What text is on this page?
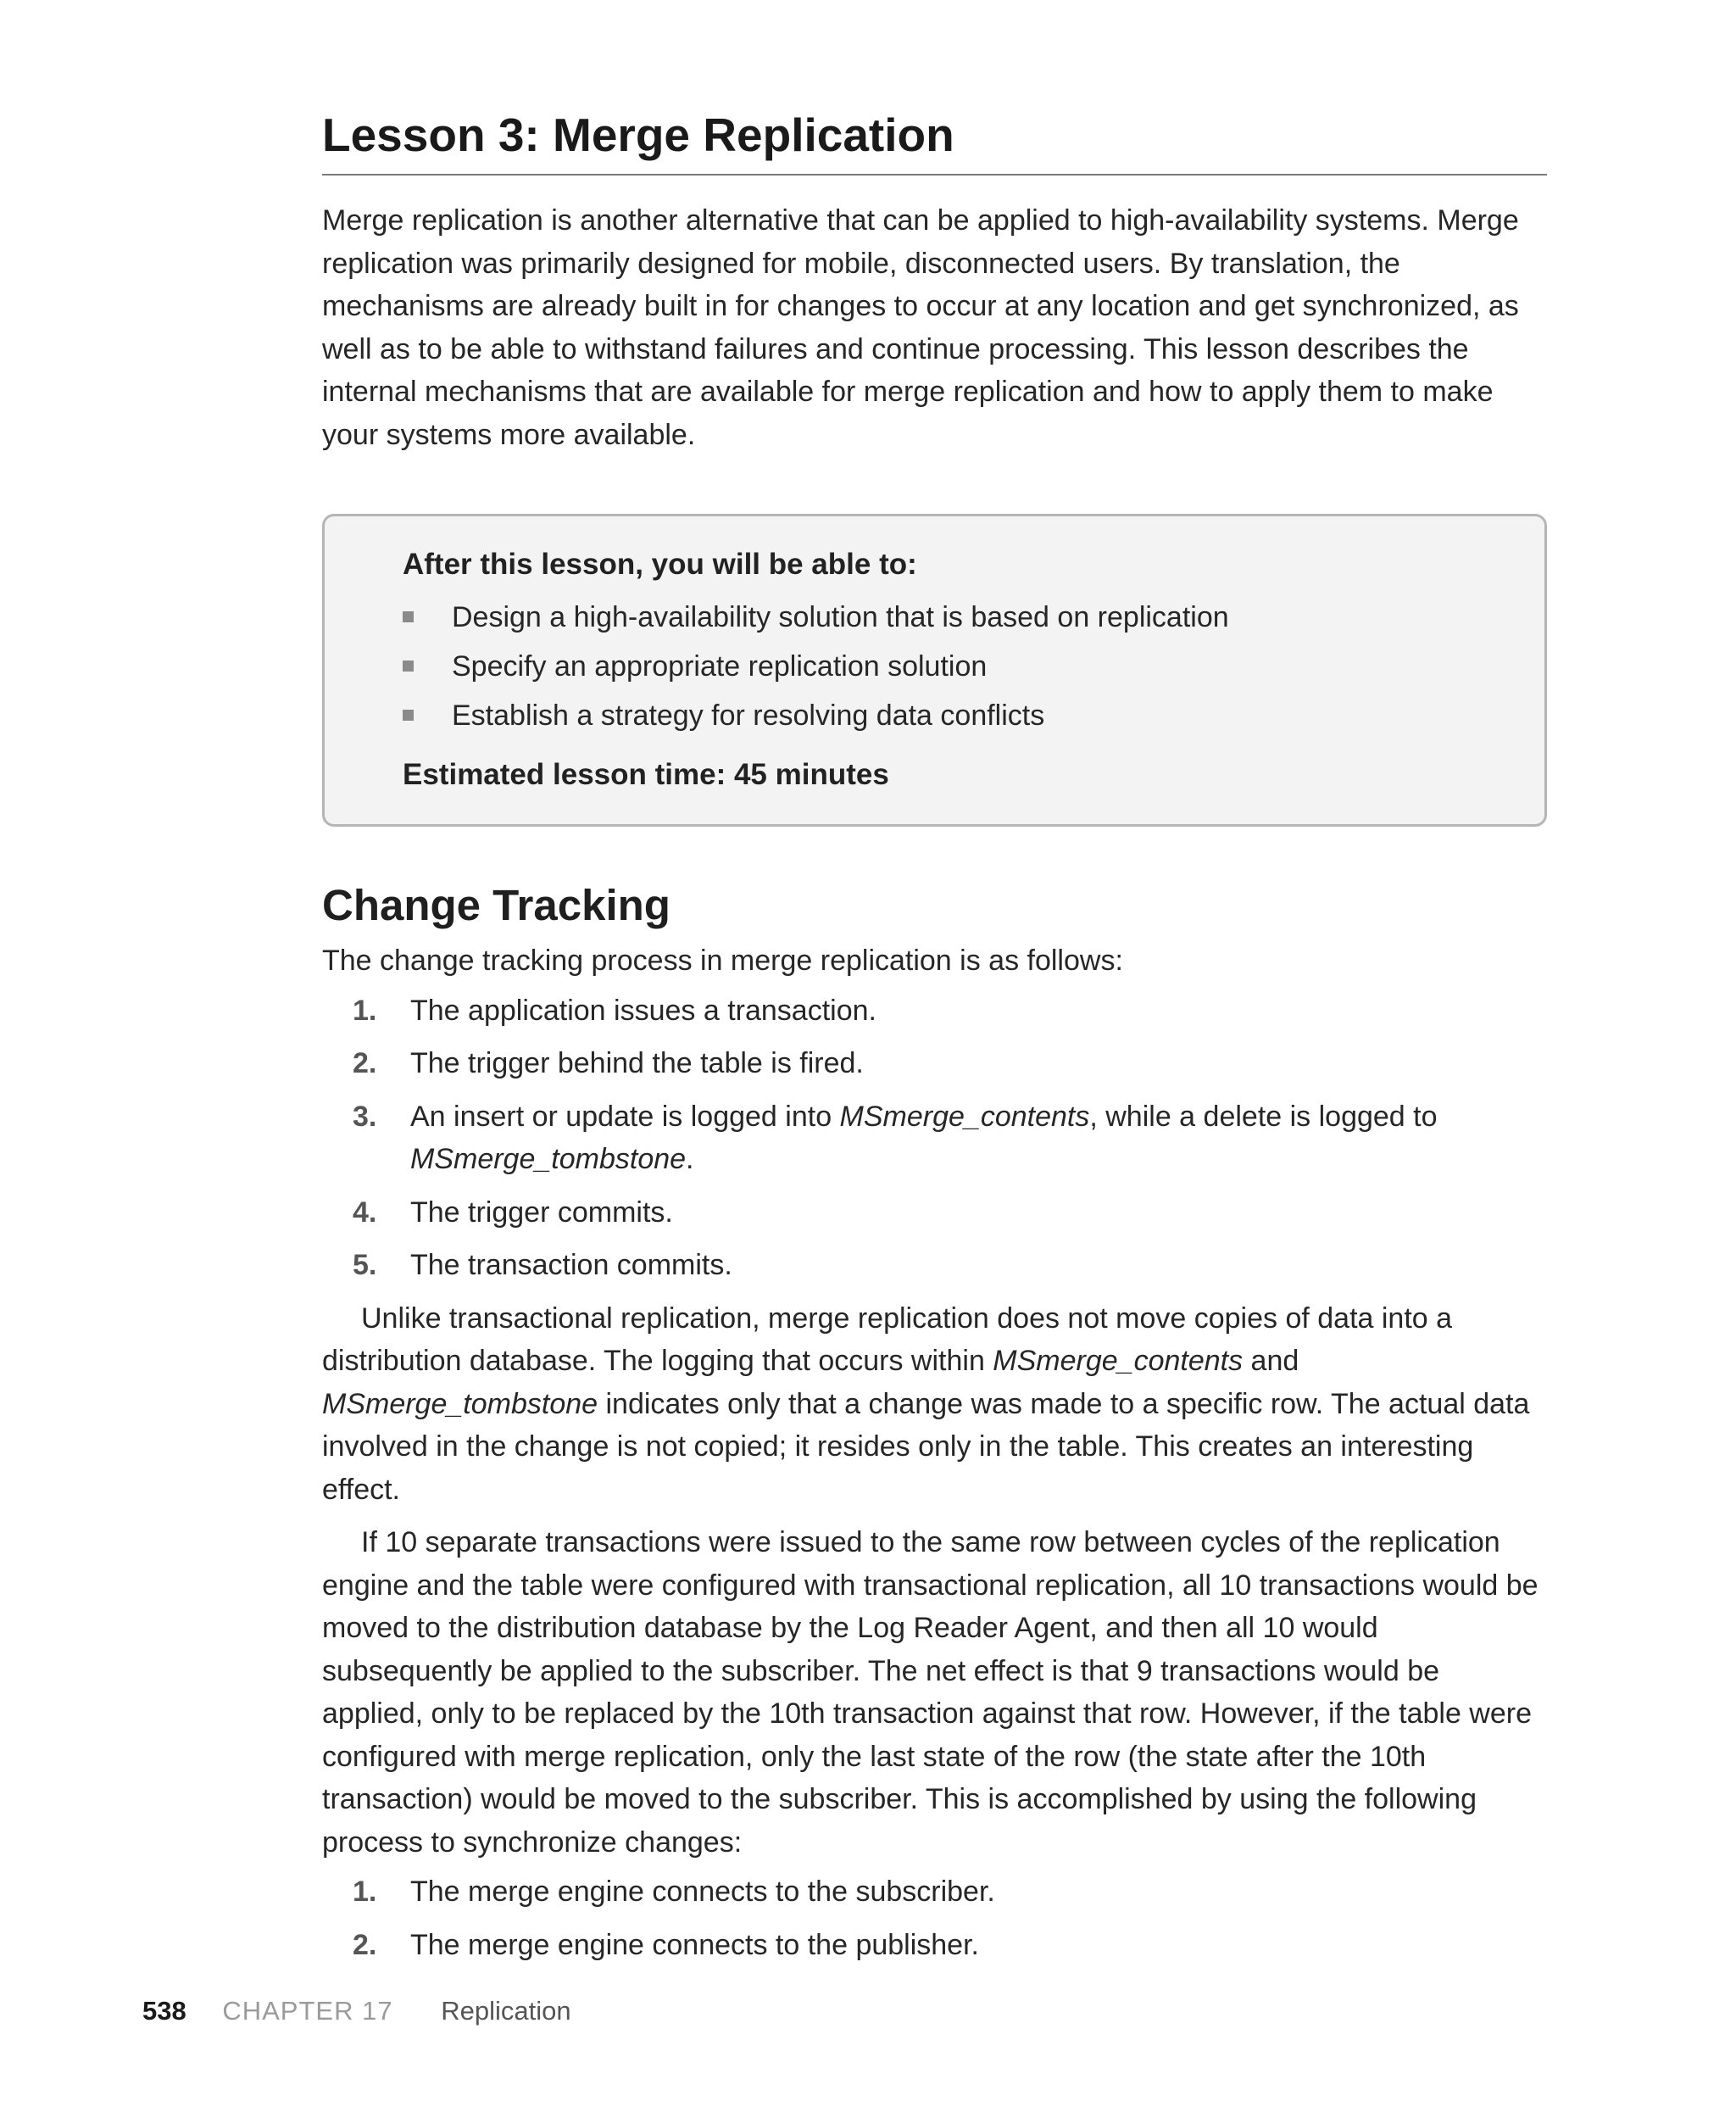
Lesson 3: Merge Replication

Merge replication is another alternative that can be applied to high-availability systems. Merge replication was primarily designed for mobile, disconnected users. By translation, the mechanisms are already built in for changes to occur at any location and get synchronized, as well as to be able to withstand failures and continue processing. This lesson describes the internal mechanisms that are available for merge replication and how to apply them to make your systems more available.

After this lesson, you will be able to:

Design a high-availability solution that is based on replication
Specify an appropriate replication solution
Establish a strategy for resolving data conflicts

Estimated lesson time: 45 minutes

Change Tracking

The change tracking process in merge replication is as follows:

1.	The application issues a transaction.
2.	The trigger behind the table is fired.
3.	An insert or update is logged into MSmerge_contents, while a delete is logged to MSmerge_tombstone.
4.	The trigger commits.
5.	The transaction commits.

Unlike transactional replication, merge replication does not move copies of data into a distribution database. The logging that occurs within MSmerge_contents and MSmerge_tombstone indicates only that a change was made to a specific row. The actual data involved in the change is not copied; it resides only in the table. This creates an interesting effect.

If 10 separate transactions were issued to the same row between cycles of the replication engine and the table were configured with transactional replication, all 10 transactions would be moved to the distribution database by the Log Reader Agent, and then all 10 would subsequently be applied to the subscriber. The net effect is that 9 transactions would be applied, only to be replaced by the 10th transaction against that row. However, if the table were configured with merge replication, only the last state of the row (the state after the 10th transaction) would be moved to the subscriber. This is accomplished by using the following process to synchronize changes:

1.	The merge engine connects to the subscriber.
2.	The merge engine connects to the publisher.
538 CHAPTER 17 Replication
